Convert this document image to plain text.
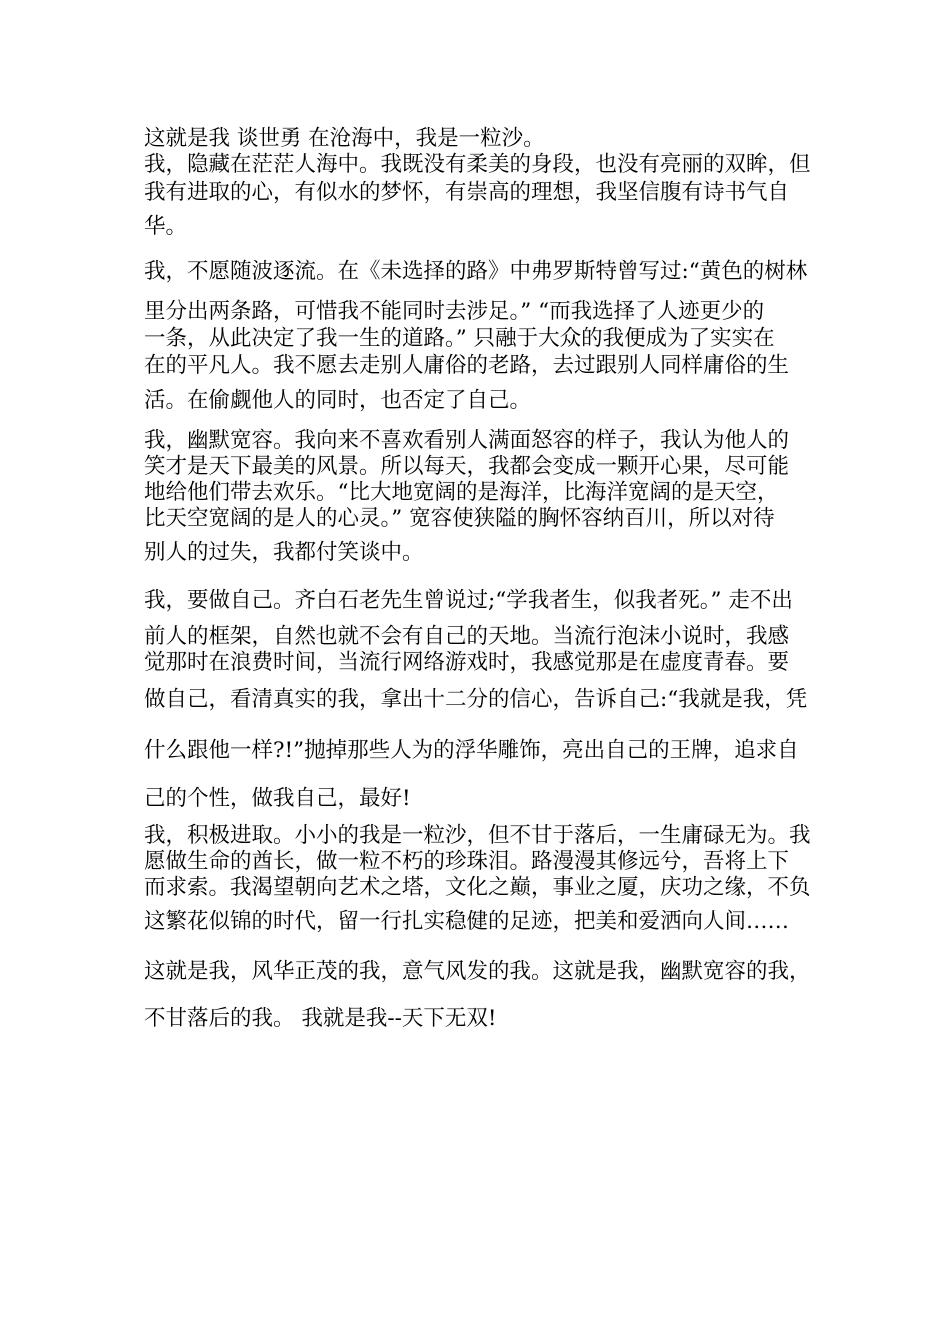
这就是我 谈世勇 在沧海中，我是一粒沙。

我，隐藏在茫茫人海中。我既没有柔美的身段，也没有亮丽的双眸，但

我有进取的心，有似水的梦怀，有崇高的理想，我坚信腹有诗书气自

华。

我，不愿随波逐流。在《未选择的路》中弗罗斯特曾写过:“黄色的树林

里分出两条路，可惜我不能同时去涉足。” “而我选择了人迹更少的

一条，从此决定了我一生的道路。” 只融于大众的我便成为了实实在

在的平凡人。我不愿去走别人庸俗的老路，去过跟别人同样庸俗的生

活。在偷觑他人的同时，也否定了自己。

我，幽默宽容。我向来不喜欢看别人满面怒容的样子，我认为他人的

笑才是天下最美的风景。所以每天，我都会变成一颗开心果，尽可能

地给他们带去欢乐。“比大地宽阔的是海洋，比海洋宽阔的是天空，

比天空宽阔的是人的心灵。” 宽容使狭隘的胸怀容纳百川，所以对待

别人的过失，我都付笑谈中。

我，要做自己。齐白石老先生曾说过;“学我者生，似我者死。” 走不出

前人的框架，自然也就不会有自己的天地。当流行泡沫小说时，我感

觉那时在浪费时间，当流行网络游戏时，我感觉那是在虚度青春。要

做自己，看清真实的我，拿出十二分的信心，告诉自己:“我就是我，凭

什么跟他一样?!”抛掉那些人为的浮华雕饰，亮出自己的王牌，追求自

己的个性，做我自己，最好!

我，积极进取。小小的我是一粒沙，但不甘于落后，一生庸碌无为。我

愿做生命的酋长，做一粒不朽的珍珠泪。路漫漫其修远兮，吾将上下

而求索。我渴望朝向艺术之塔，文化之巅，事业之厦，庆功之缘，不负

这繁花似锦的时代，留一行扎实稳健的足迹，把美和爱洒向人间……

这就是我，风华正茂的我，意气风发的我。这就是我，幽默宽容的我，

不甘落后的我。 我就是我--天下无双!
